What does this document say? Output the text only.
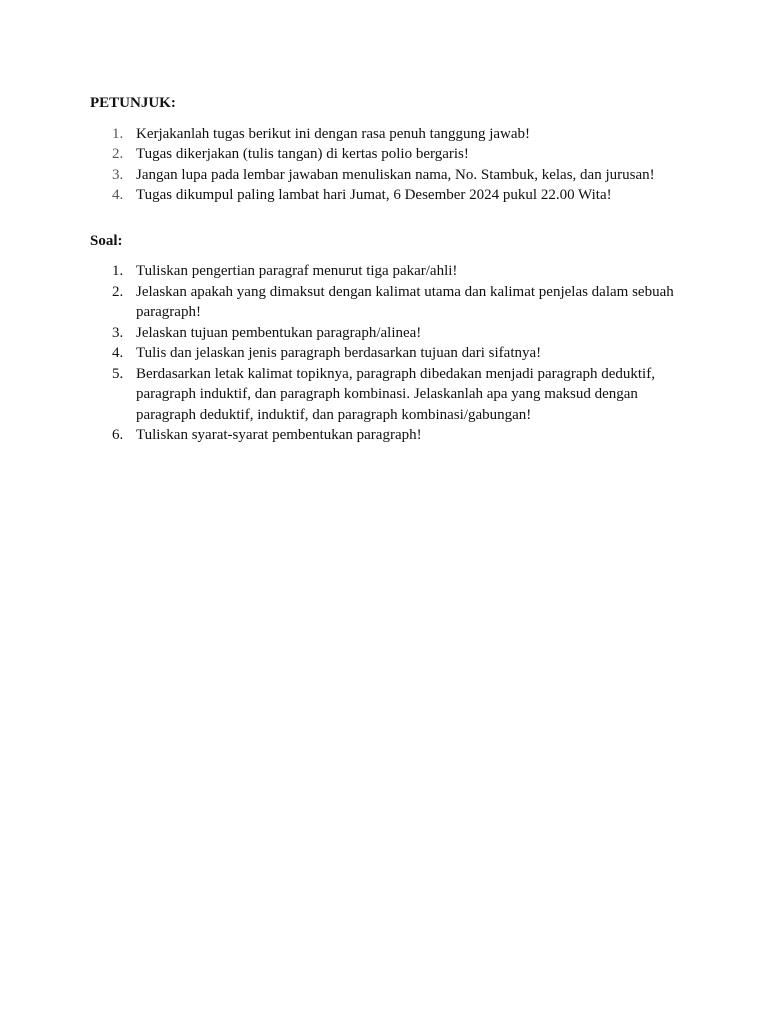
PETUNJUK:

1. Kerjakanlah tugas berikut ini dengan rasa penuh tanggung jawab!
2. Tugas dikerjakan (tulis tangan) di kertas polio bergaris!
3. Jangan lupa pada lembar jawaban menuliskan nama, No. Stambuk, kelas, dan jurusan!
4. Tugas dikumpul paling lambat hari Jumat, 6 Desember 2024 pukul 22.00 Wita!

Soal:

1. Tuliskan pengertian paragraf menurut tiga pakar/ahli!
2. Jelaskan apakah yang dimaksut dengan kalimat utama dan kalimat penjelas dalam sebuah paragraph!
3. Jelaskan tujuan pembentukan paragraph/alinea!
4. Tulis dan jelaskan jenis paragraph berdasarkan tujuan dari sifatnya!
5. Berdasarkan letak kalimat topiknya, paragraph dibedakan menjadi paragraph deduktif, paragraph induktif, dan paragraph kombinasi. Jelaskanlah apa yang maksud dengan paragraph deduktif, induktif, dan paragraph kombinasi/gabungan!
6. Tuliskan syarat-syarat pembentukan paragraph!
